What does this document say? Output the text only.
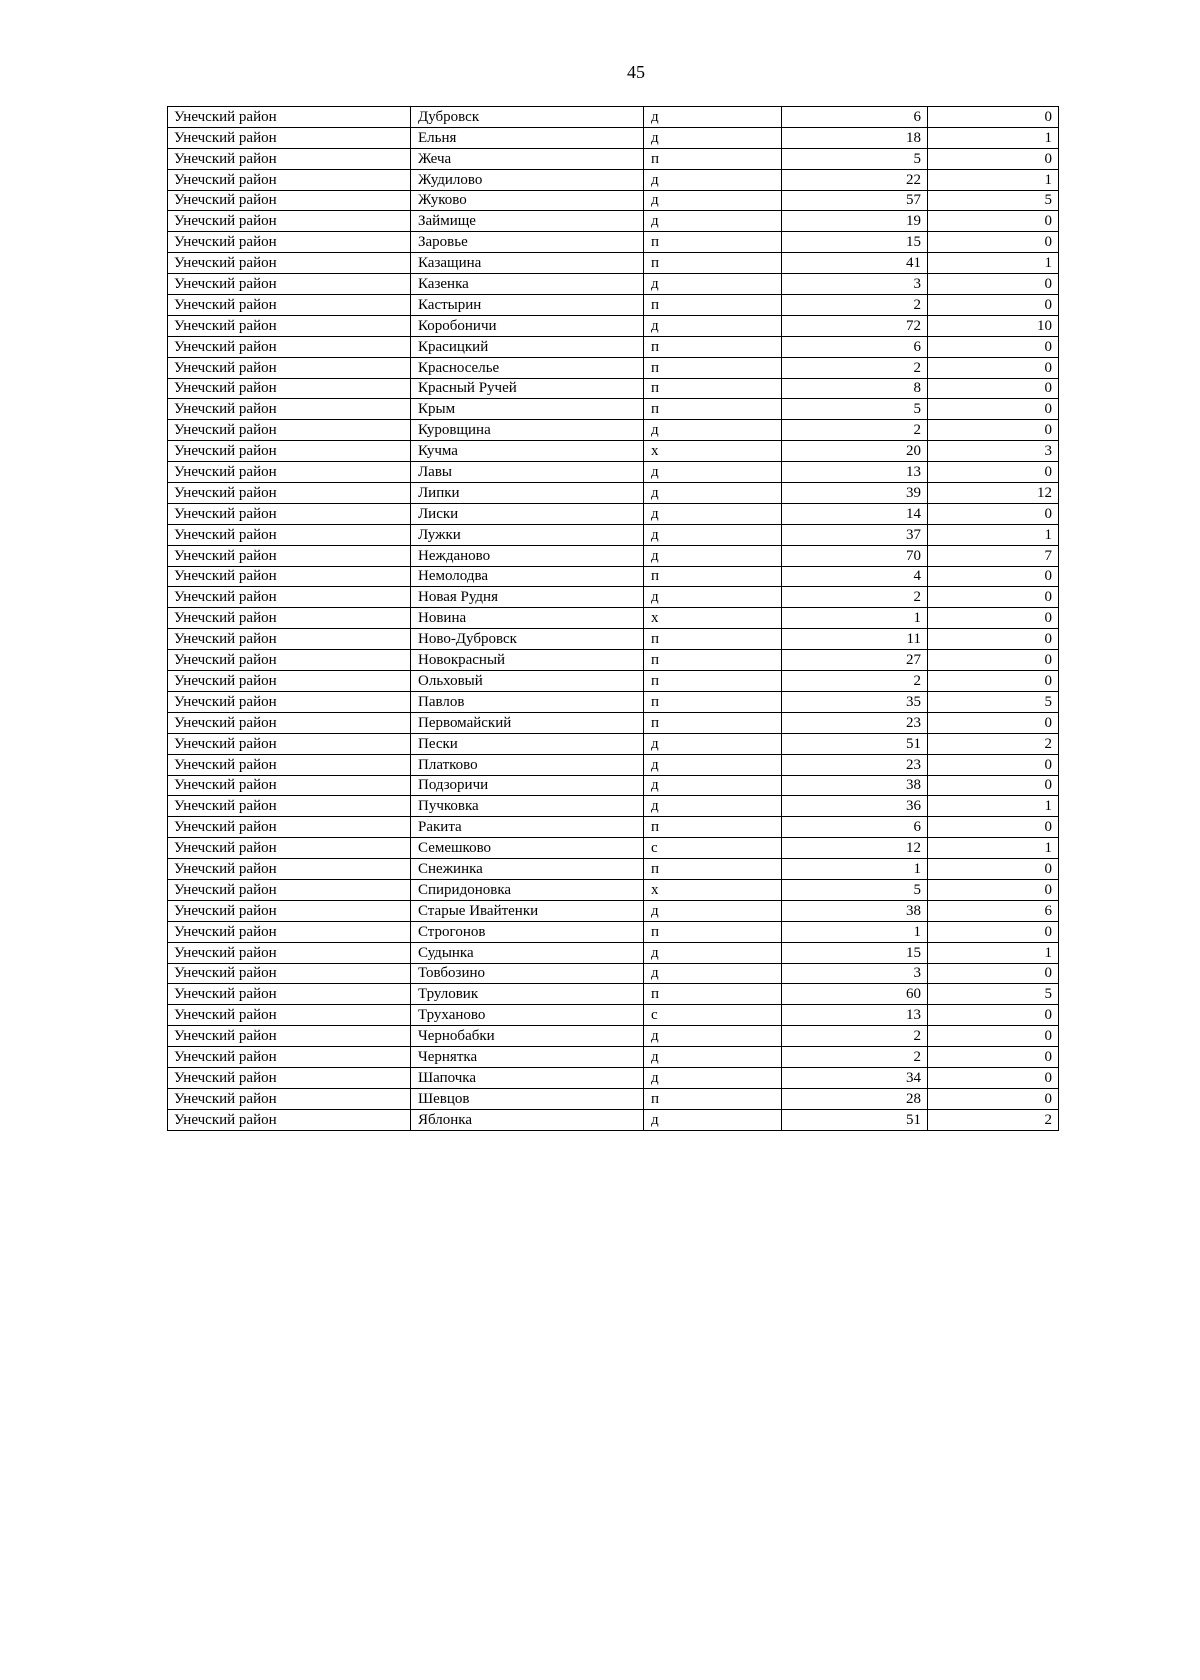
45
Унечский район	Дубровск	д	6	0
Унечский район	Ельня	д	18	1
Унечский район	Жеча	п	5	0
Унечский район	Жудилово	д	22	1
Унечский район	Жуково	д	57	5
Унечский район	Займище	д	19	0
Унечский район	Заровье	п	15	0
Унечский район	Казащина	п	41	1
Унечский район	Казенка	д	3	0
Унечский район	Кастырин	п	2	0
Унечский район	Коробоничи	д	72	10
Унечский район	Красицкий	п	6	0
Унечский район	Красноселье	п	2	0
Унечский район	Красный Ручей	п	8	0
Унечский район	Крым	п	5	0
Унечский район	Куровщина	д	2	0
Унечский район	Кучма	х	20	3
Унечский район	Лавы	д	13	0
Унечский район	Липки	д	39	12
Унечский район	Лиски	д	14	0
Унечский район	Лужки	д	37	1
Унечский район	Нежданово	д	70	7
Унечский район	Немолодва	п	4	0
Унечский район	Новая Рудня	д	2	0
Унечский район	Новина	х	1	0
Унечский район	Ново-Дубровск	п	11	0
Унечский район	Новокрасный	п	27	0
Унечский район	Ольховый	п	2	0
Унечский район	Павлов	п	35	5
Унечский район	Первомайский	п	23	0
Унечский район	Пески	д	51	2
Унечский район	Платково	д	23	0
Унечский район	Подзоричи	д	38	0
Унечский район	Пучковка	д	36	1
Унечский район	Ракита	п	6	0
Унечский район	Семешково	с	12	1
Унечский район	Снежинка	п	1	0
Унечский район	Спиридоновка	х	5	0
Унечский район	Старые Ивайтенки	д	38	6
Унечский район	Строгонов	п	1	0
Унечский район	Судынка	д	15	1
Унечский район	Товбозино	д	3	0
Унечский район	Труловик	п	60	5
Унечский район	Труханово	с	13	0
Унечский район	Чернобабки	д	2	0
Унечский район	Чернятка	д	2	0
Унечский район	Шапочка	д	34	0
Унечский район	Шевцов	п	28	0
Унечский район	Яблонка	д	51	2
